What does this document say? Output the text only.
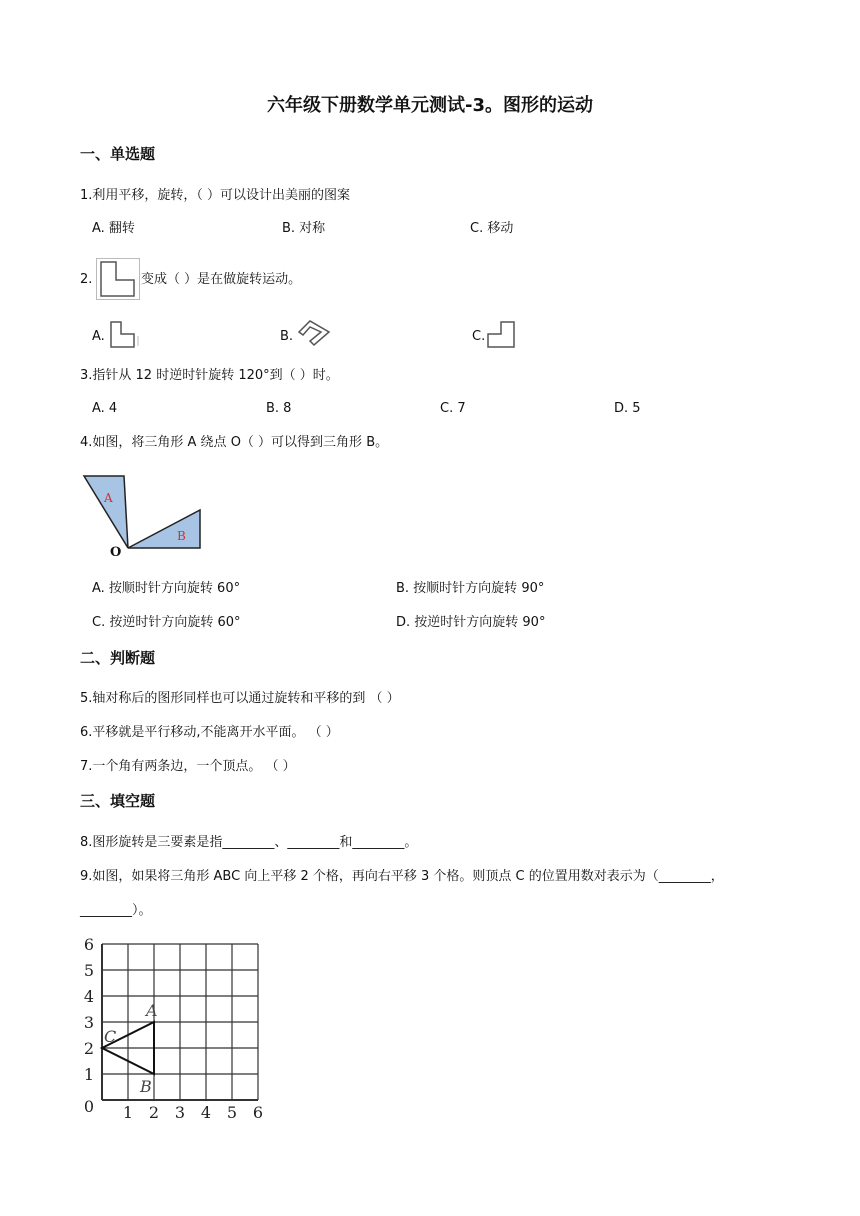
六年级下册数学单元测试-3。图形的运动
一、单选题
1.利用平移，旋转，（ ）可以设计出美丽的图案
A. 翻转	B. 对称	C. 移动
2.	变成（ ）是在做旋转运动。
A.	B.	C.
3.指针从 12 时逆时针旋转 120°到（ ）时。
A. 4	B. 8	C. 7	D. 5
4.如图，将三角形 A 绕点 O（ ）可以得到三角形 B。
A
B
O
A. 按顺时针方向旋转 60°	B. 按顺时针方向旋转 90°
C. 按逆时针方向旋转 60°	D. 按逆时针方向旋转 90°
二、判断题
5.轴对称后的图形同样也可以通过旋转和平移的到 （ ）
6.平移就是平行移动,不能离开水平面。 （ ）
7.一个角有两条边，一个顶点。 （ ）
三、填空题
8.图形旋转是三要素是指________、________和________。
9.如图，如果将三角形 ABC 向上平移 2 个格，再向右平移 3 个格。则顶点 C 的位置用数对表示为（________，
________）。
1 2 3 4 5 6
0
1
2
3
4
5
6
A
B
C
